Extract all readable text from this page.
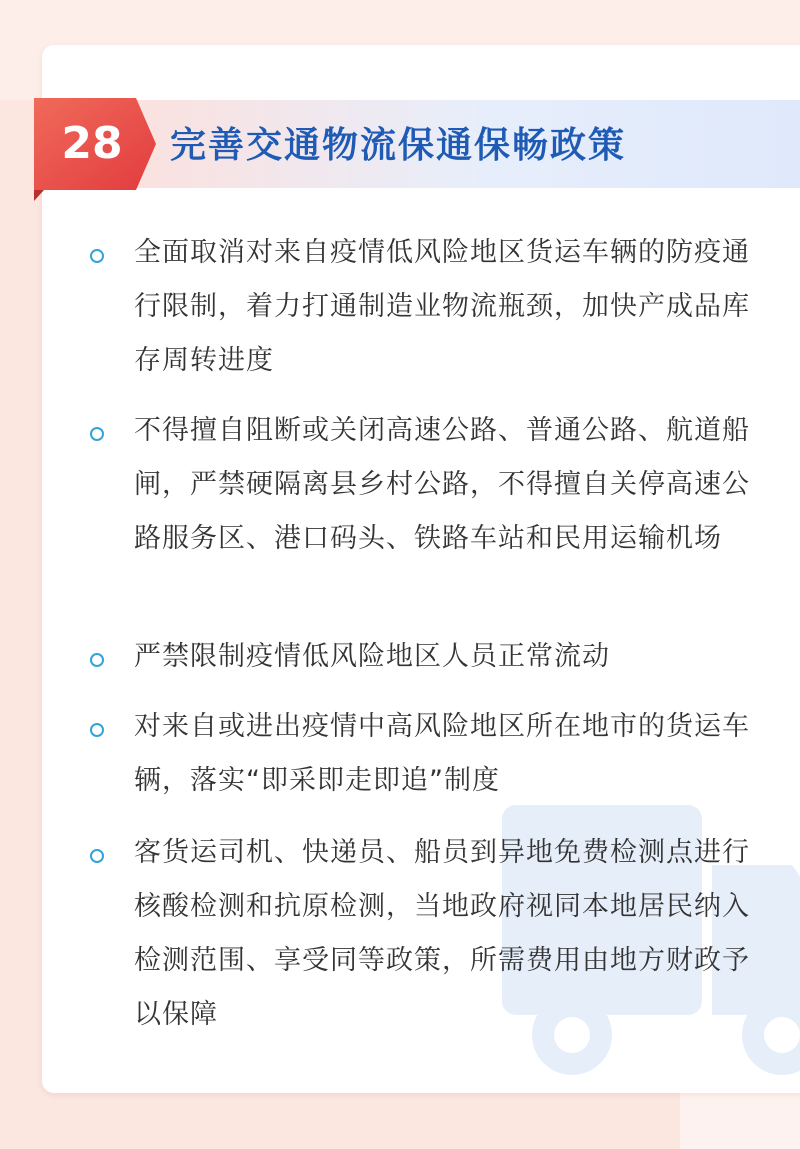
28	完善交通物流保通保畅政策
全面取消对来自疫情低风险地区货运车辆的防疫通行限制，着力打通制造业物流瓶颈，加快产成品库存周转进度
不得擅自阻断或关闭高速公路、普通公路、航道船闸，严禁硬隔离县乡村公路，不得擅自关停高速公路服务区、港口码头、铁路车站和民用运输机场
严禁限制疫情低风险地区人员正常流动
对来自或进出疫情中高风险地区所在地市的货运车辆，落实“即采即走即追”制度
客货运司机、快递员、船员到异地免费检测点进行核酸检测和抗原检测，当地政府视同本地居民纳入检测范围、享受同等政策，所需费用由地方财政予以保障
